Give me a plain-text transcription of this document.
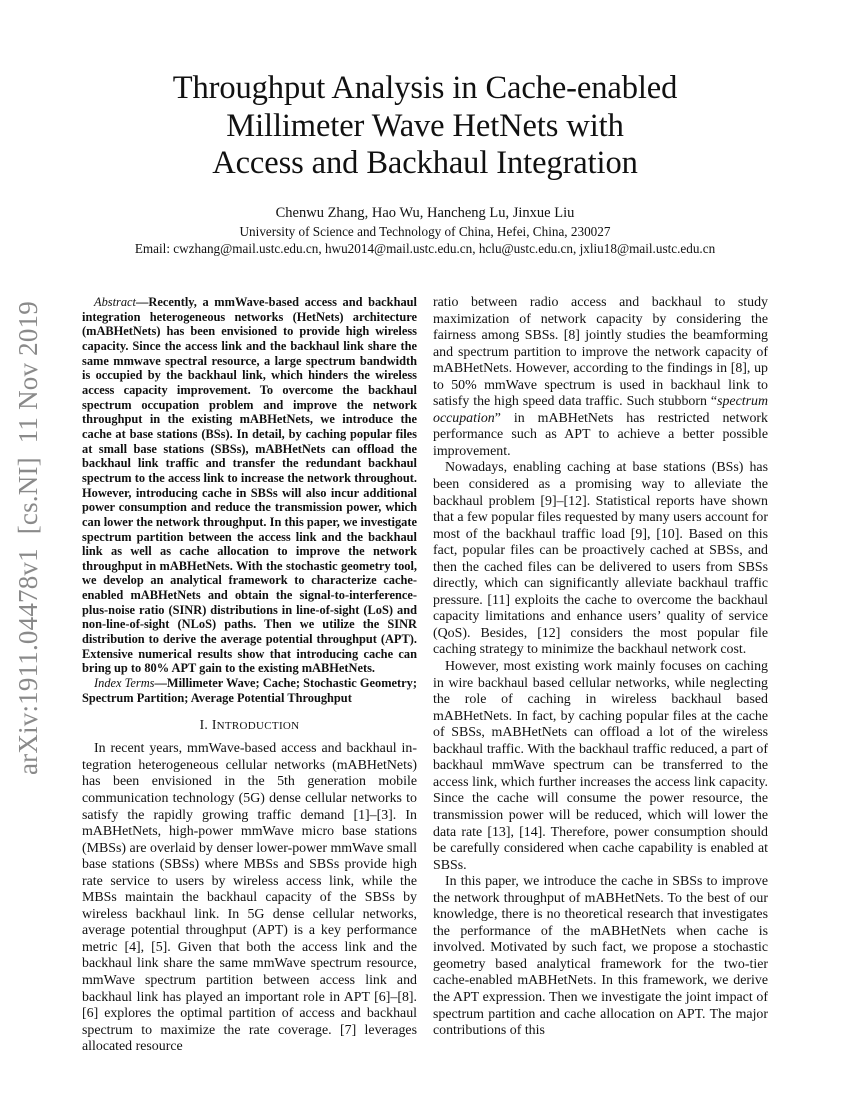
arXiv:1911.04478v1  [cs.NI]  11 Nov 2019
Throughput Analysis in Cache-enabled
Millimeter Wave HetNets with
Access and Backhaul Integration
Chenwu Zhang, Hao Wu, Hancheng Lu, Jinxue Liu
University of Science and Technology of China, Hefei, China, 230027
Email: cwzhang@mail.ustc.edu.cn, hwu2014@mail.ustc.edu.cn, hclu@ustc.edu.cn, jxliu18@mail.ustc.edu.cn

Abstract—Recently, a mmWave-based access and backhaul integration heterogeneous networks (HetNets) architecture (mABHetNets) has been envisioned to provide high wireless capacity. Since the access link and the backhaul link share the same mmwave spectral resource, a large spectrum bandwidth is occupied by the backhaul link, which hinders the wireless access capacity improvement. To overcome the backhaul spectrum occupation problem and improve the network throughput in the existing mABHetNets, we introduce the cache at base stations (BSs). In detail, by caching popular files at small base stations (SBSs), mABHetNets can offload the backhaul link traffic and transfer the redundant backhaul spectrum to the access link to increase the network throughout. However, introducing cache in SBSs will also incur additional power consumption and reduce the transmission power, which can lower the network throughput. In this paper, we investigate spectrum partition between the access link and the backhaul link as well as cache allocation to improve the network throughput in mABHetNets. With the stochastic geometry tool, we develop an analytical framework to characterize cache-enabled mABHetNets and obtain the signal-to-interference-plus-noise ratio (SINR) distributions in line-of-sight (LoS) and non-line-of-sight (NLoS) paths. Then we utilize the SINR distribution to derive the average potential throughput (APT). Extensive numerical results show that introducing cache can bring up to 80% APT gain to the existing mABHetNets.

Index Terms—Millimeter Wave; Cache; Stochastic Geometry; Spectrum Partition; Average Potential Throughput

I. INTRODUCTION

In recent years, mmWave-based access and backhaul integration heterogeneous cellular networks (mABHetNets) has been envisioned in the 5th generation mobile communication technology (5G) dense cellular networks to satisfy the rapidly growing traffic demand [1]–[3]. In mABHetNets, high-power mmWave micro base stations (MBSs) are overlaid by denser lower-power mmWave small base stations (SBSs) where MBSs and SBSs provide high rate service to users by wireless access link, while the MBSs maintain the backhaul capacity of the SBSs by wireless backhaul link. In 5G dense cellular networks, average potential throughput (APT) is a key performance metric [4], [5]. Given that both the access link and the backhaul link share the same mmWave spectrum resource, mmWave spectrum partition between access link and backhaul link has played an important role in APT [6]–[8]. [6] explores the optimal partition of access and backhaul spectrum to maximize the rate coverage. [7] leverages allocated resource

ratio between radio access and backhaul to study maximization of network capacity by considering the fairness among SBSs. [8] jointly studies the beamforming and spectrum partition to improve the network capacity of mABHetNets. However, according to the findings in [8], up to 50% mmWave spectrum is used in backhaul link to satisfy the high speed data traffic. Such stubborn “spectrum occupation” in mABHetNets has restricted network performance such as APT to achieve a better possible improvement.

Nowadays, enabling caching at base stations (BSs) has been considered as a promising way to alleviate the backhaul problem [9]–[12]. Statistical reports have shown that a few popular files requested by many users account for most of the backhaul traffic load [9], [10]. Based on this fact, popular files can be proactively cached at SBSs, and then the cached files can be delivered to users from SBSs directly, which can significantly alleviate backhaul traffic pressure. [11] exploits the cache to overcome the backhaul capacity limitations and enhance users’ quality of service (QoS). Besides, [12] considers the most popular file caching strategy to minimize the backhaul network cost.

However, most existing work mainly focuses on caching in wire backhaul based cellular networks, while neglecting the role of caching in wireless backhaul based mABHetNets. In fact, by caching popular files at the cache of SBSs, mABHetNets can offload a lot of the wireless backhaul traffic. With the backhaul traffic reduced, a part of backhaul mmWave spectrum can be transferred to the access link, which further increases the access link capacity. Since the cache will consume the power resource, the transmission power will be reduced, which will lower the data rate [13], [14]. Therefore, power consumption should be carefully considered when cache capability is enabled at SBSs.

In this paper, we introduce the cache in SBSs to improve the network throughput of mABHetNets. To the best of our knowledge, there is no theoretical research that investigates the performance of the mABHetNets when cache is involved. Motivated by such fact, we propose a stochastic geometry based analytical framework for the two-tier cache-enabled mABHetNets. In this framework, we derive the APT expression. Then we investigate the joint impact of spectrum partition and cache allocation on APT. The major contributions of this
